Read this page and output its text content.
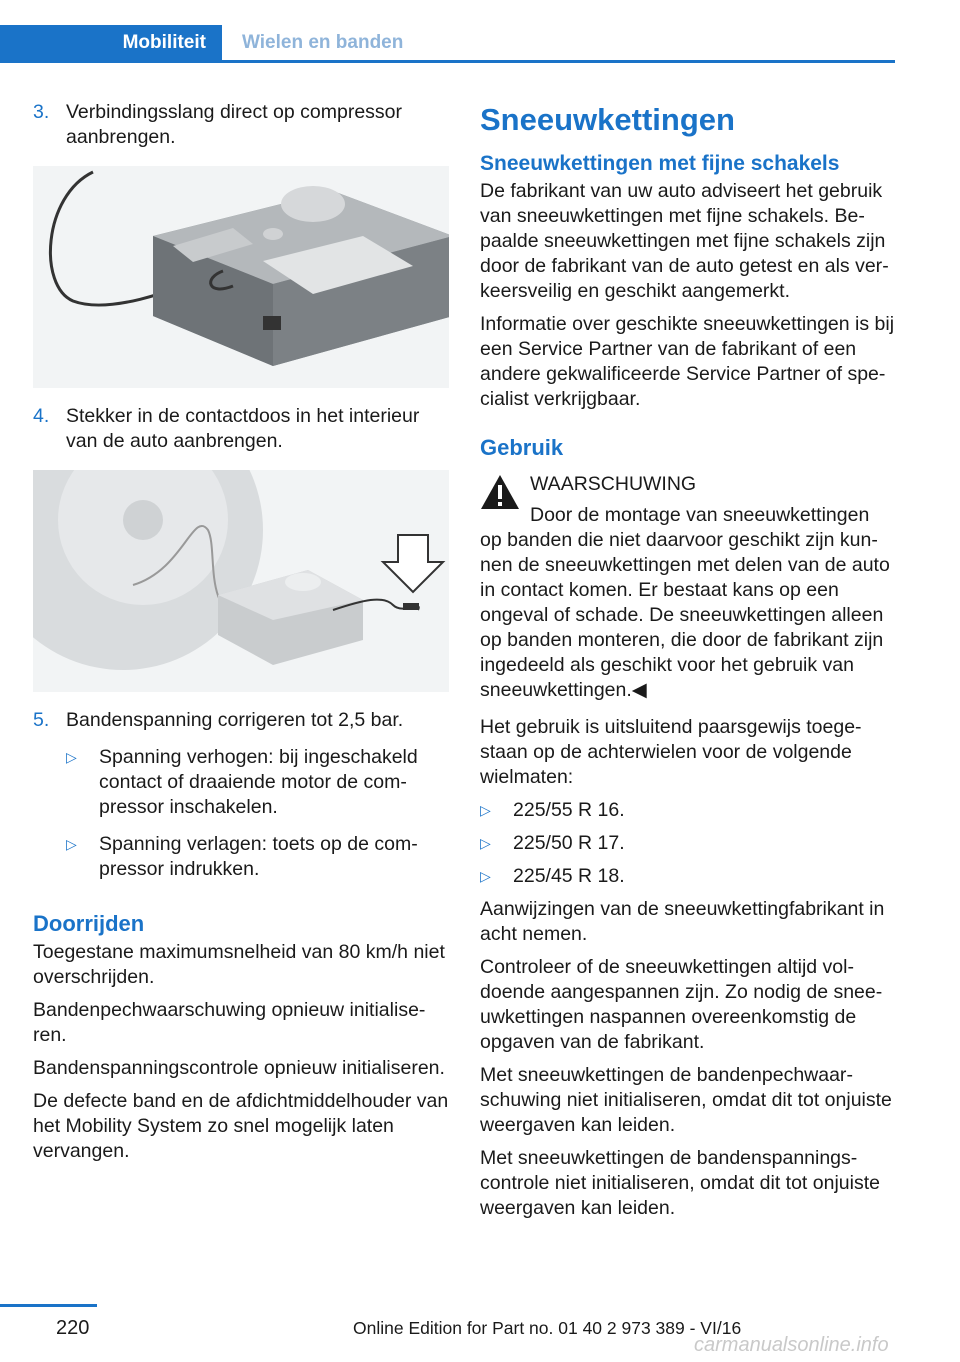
Mobiliteit Wielen en banden
3. Verbindingsslang direct op compressor aanbrengen.
4. Stekker in de contactdoos in het interieur van de auto aanbrengen.
5. Bandenspanning corrigeren tot 2,5 bar.
▷ Spanning verhogen: bij ingeschakeld contact of draaiende motor de compressor inschakelen.
▷ Spanning verlagen: toets op de compressor indrukken.
Doorrijden

Toegestane maximumsnelheid van 80 km/h niet overschrijden.

Bandenpechwaarschuwing opnieuw initialiseren.

Bandenspanningscontrole opnieuw initialiseren.

De defecte band en de afdichtmiddelhouder van het Mobility System zo snel mogelijk laten vervangen.

Sneeuwkettingen
Sneeuwkettingen met fijne schakels

De fabrikant van uw auto adviseert het gebruik van sneeuwkettingen met fijne schakels. Bepaalde sneeuwkettingen met fijne schakels zijn door de fabrikant van de auto getest en als verkeersveilig en geschikt aangemerkt.

Informatie over geschikte sneeuwkettingen is bij een Service Partner van de fabrikant of een andere gekwalificeerde Service Partner of specialist verkrijgbaar.

Gebruik
WAARSCHUWING

Door de montage van sneeuwkettingen op banden die niet daarvoor geschikt zijn kunnen de sneeuwkettingen met delen van de auto in contact komen. Er bestaat kans op een ongeval of schade. De sneeuwkettingen alleen op banden monteren, die door de fabrikant zijn ingedeeld als geschikt voor het gebruik van sneeuwkettingen.◀

Het gebruik is uitsluitend paarsgewijs toegestaan op de achterwielen voor de volgende wielmaten:

▷ 225/55 R 16.
▷ 225/50 R 17.
▷ 225/45 R 18.

Aanwijzingen van de sneeuwkettingfabrikant in acht nemen.

Controleer of de sneeuwkettingen altijd voldoende aangespannen zijn. Zo nodig de sneeuwkettingen naspannen overeenkomstig de opgaven van de fabrikant.

Met sneeuwkettingen de bandenpechwaarschuwing niet initialiseren, omdat dit tot onjuiste weergaven kan leiden.

Met sneeuwkettingen de bandenspanningscontrole niet initialiseren, omdat dit tot onjuiste weergaven kan leiden.

220	Online Edition for Part no. 01 40 2 973 389 - VI/16
carmanualsonline.info
